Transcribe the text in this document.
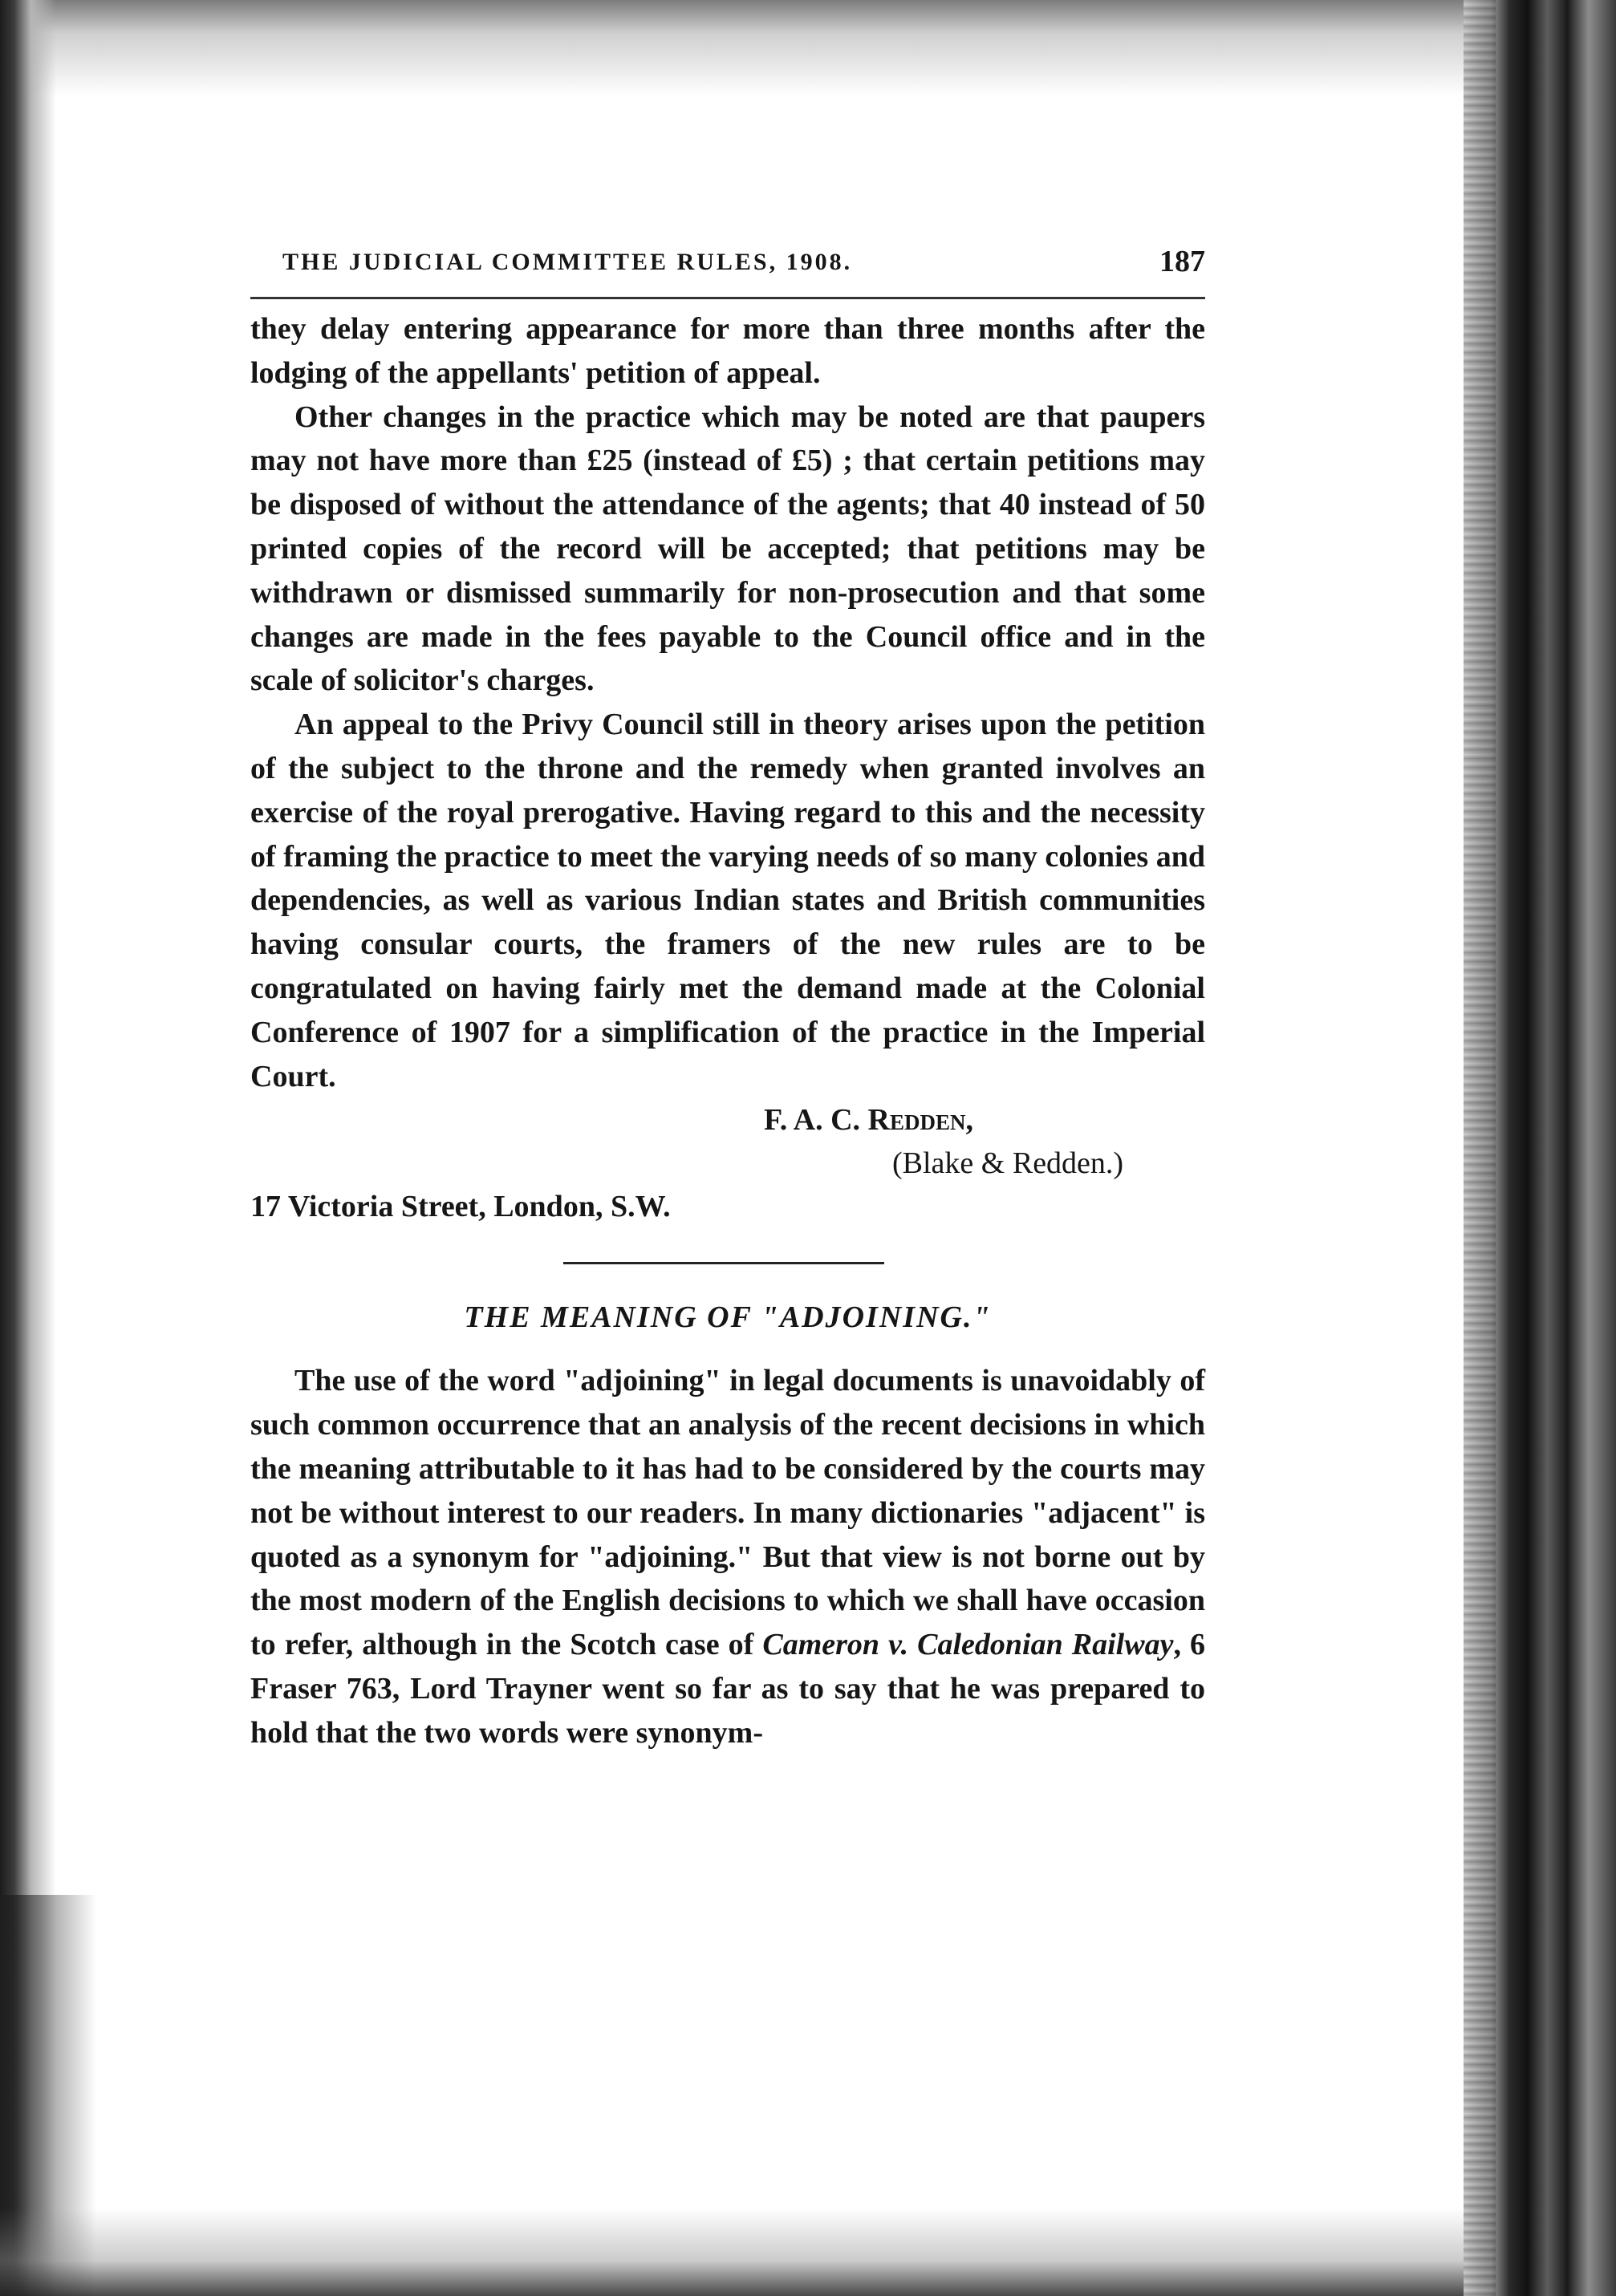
THE JUDICIAL COMMITTEE RULES, 1908.	187

they delay entering appearance for more than three months after the lodging of the appellants' petition of appeal.

Other changes in the practice which may be noted are that paupers may not have more than £25 (instead of £5) ; that certain petitions may be disposed of without the attendance of the agents; that 40 instead of 50 printed copies of the record will be accepted; that petitions may be withdrawn or dismissed summarily for non-prosecution and that some changes are made in the fees payable to the Council office and in the scale of solicitor's charges.

An appeal to the Privy Council still in theory arises upon the petition of the subject to the throne and the remedy when granted involves an exercise of the royal prerogative. Having regard to this and the necessity of framing the practice to meet the varying needs of so many colonies and dependencies, as well as various Indian states and British communities having consular courts, the framers of the new rules are to be congratulated on having fairly met the demand made at the Colonial Conference of 1907 for a simplification of the practice in the Imperial Court.

F. A. C. Redden,
(Blake & Redden.)
17 Victoria Street, London, S.W.
THE MEANING OF "ADJOINING."

The use of the word "adjoining" in legal documents is unavoidably of such common occurrence that an analysis of the recent decisions in which the meaning attributable to it has had to be considered by the courts may not be without interest to our readers. In many dictionaries "adjacent" is quoted as a synonym for "adjoining." But that view is not borne out by the most modern of the English decisions to which we shall have occasion to refer, although in the Scotch case of Cameron v. Caledonian Railway, 6 Fraser 763, Lord Trayner went so far as to say that he was prepared to hold that the two words were synonym-
